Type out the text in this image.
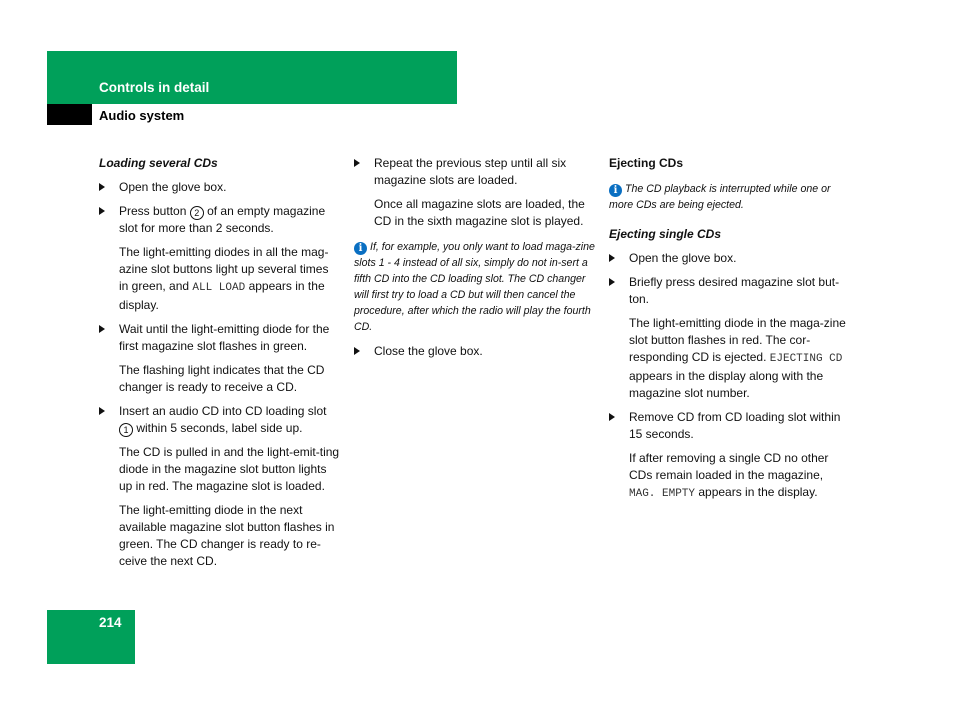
Controls in detail
Audio system

Loading several CDs

Open the glove box.

Press button 2 of an empty magazine slot for more than 2 seconds.

The light-emitting diodes in all the mag-azine slot buttons light up several times in green, and ALL LOAD appears in the display.

Wait until the light-emitting diode for the first magazine slot flashes in green.

The flashing light indicates that the CD changer is ready to receive a CD.

Insert an audio CD into CD loading slot 1 within 5 seconds, label side up.

The CD is pulled in and the light-emit-ting diode in the magazine slot button lights up in red. The magazine slot is loaded.

The light-emitting diode in the next available magazine slot button flashes in green. The CD changer is ready to re-ceive the next CD.

Repeat the previous step until all six magazine slots are loaded.

Once all magazine slots are loaded, the CD in the sixth magazine slot is played.

i If, for example, you only want to load maga-zine slots 1 - 4 instead of all six, simply do not in-sert a fifth CD into the CD loading slot. The CD changer will first try to load a CD but will then cancel the procedure, after which the radio will play the fourth CD.

Close the glove box.

Ejecting CDs

i The CD playback is interrupted while one or more CDs are being ejected.

Ejecting single CDs

Open the glove box.

Briefly press desired magazine slot but-ton.

The light-emitting diode in the maga-zine slot button flashes in red. The cor-responding CD is ejected. EJECTING CD appears in the display along with the magazine slot number.

Remove CD from CD loading slot within 15 seconds.

If after removing a single CD no other CDs remain loaded in the magazine, MAG. EMPTY appears in the display.

214
